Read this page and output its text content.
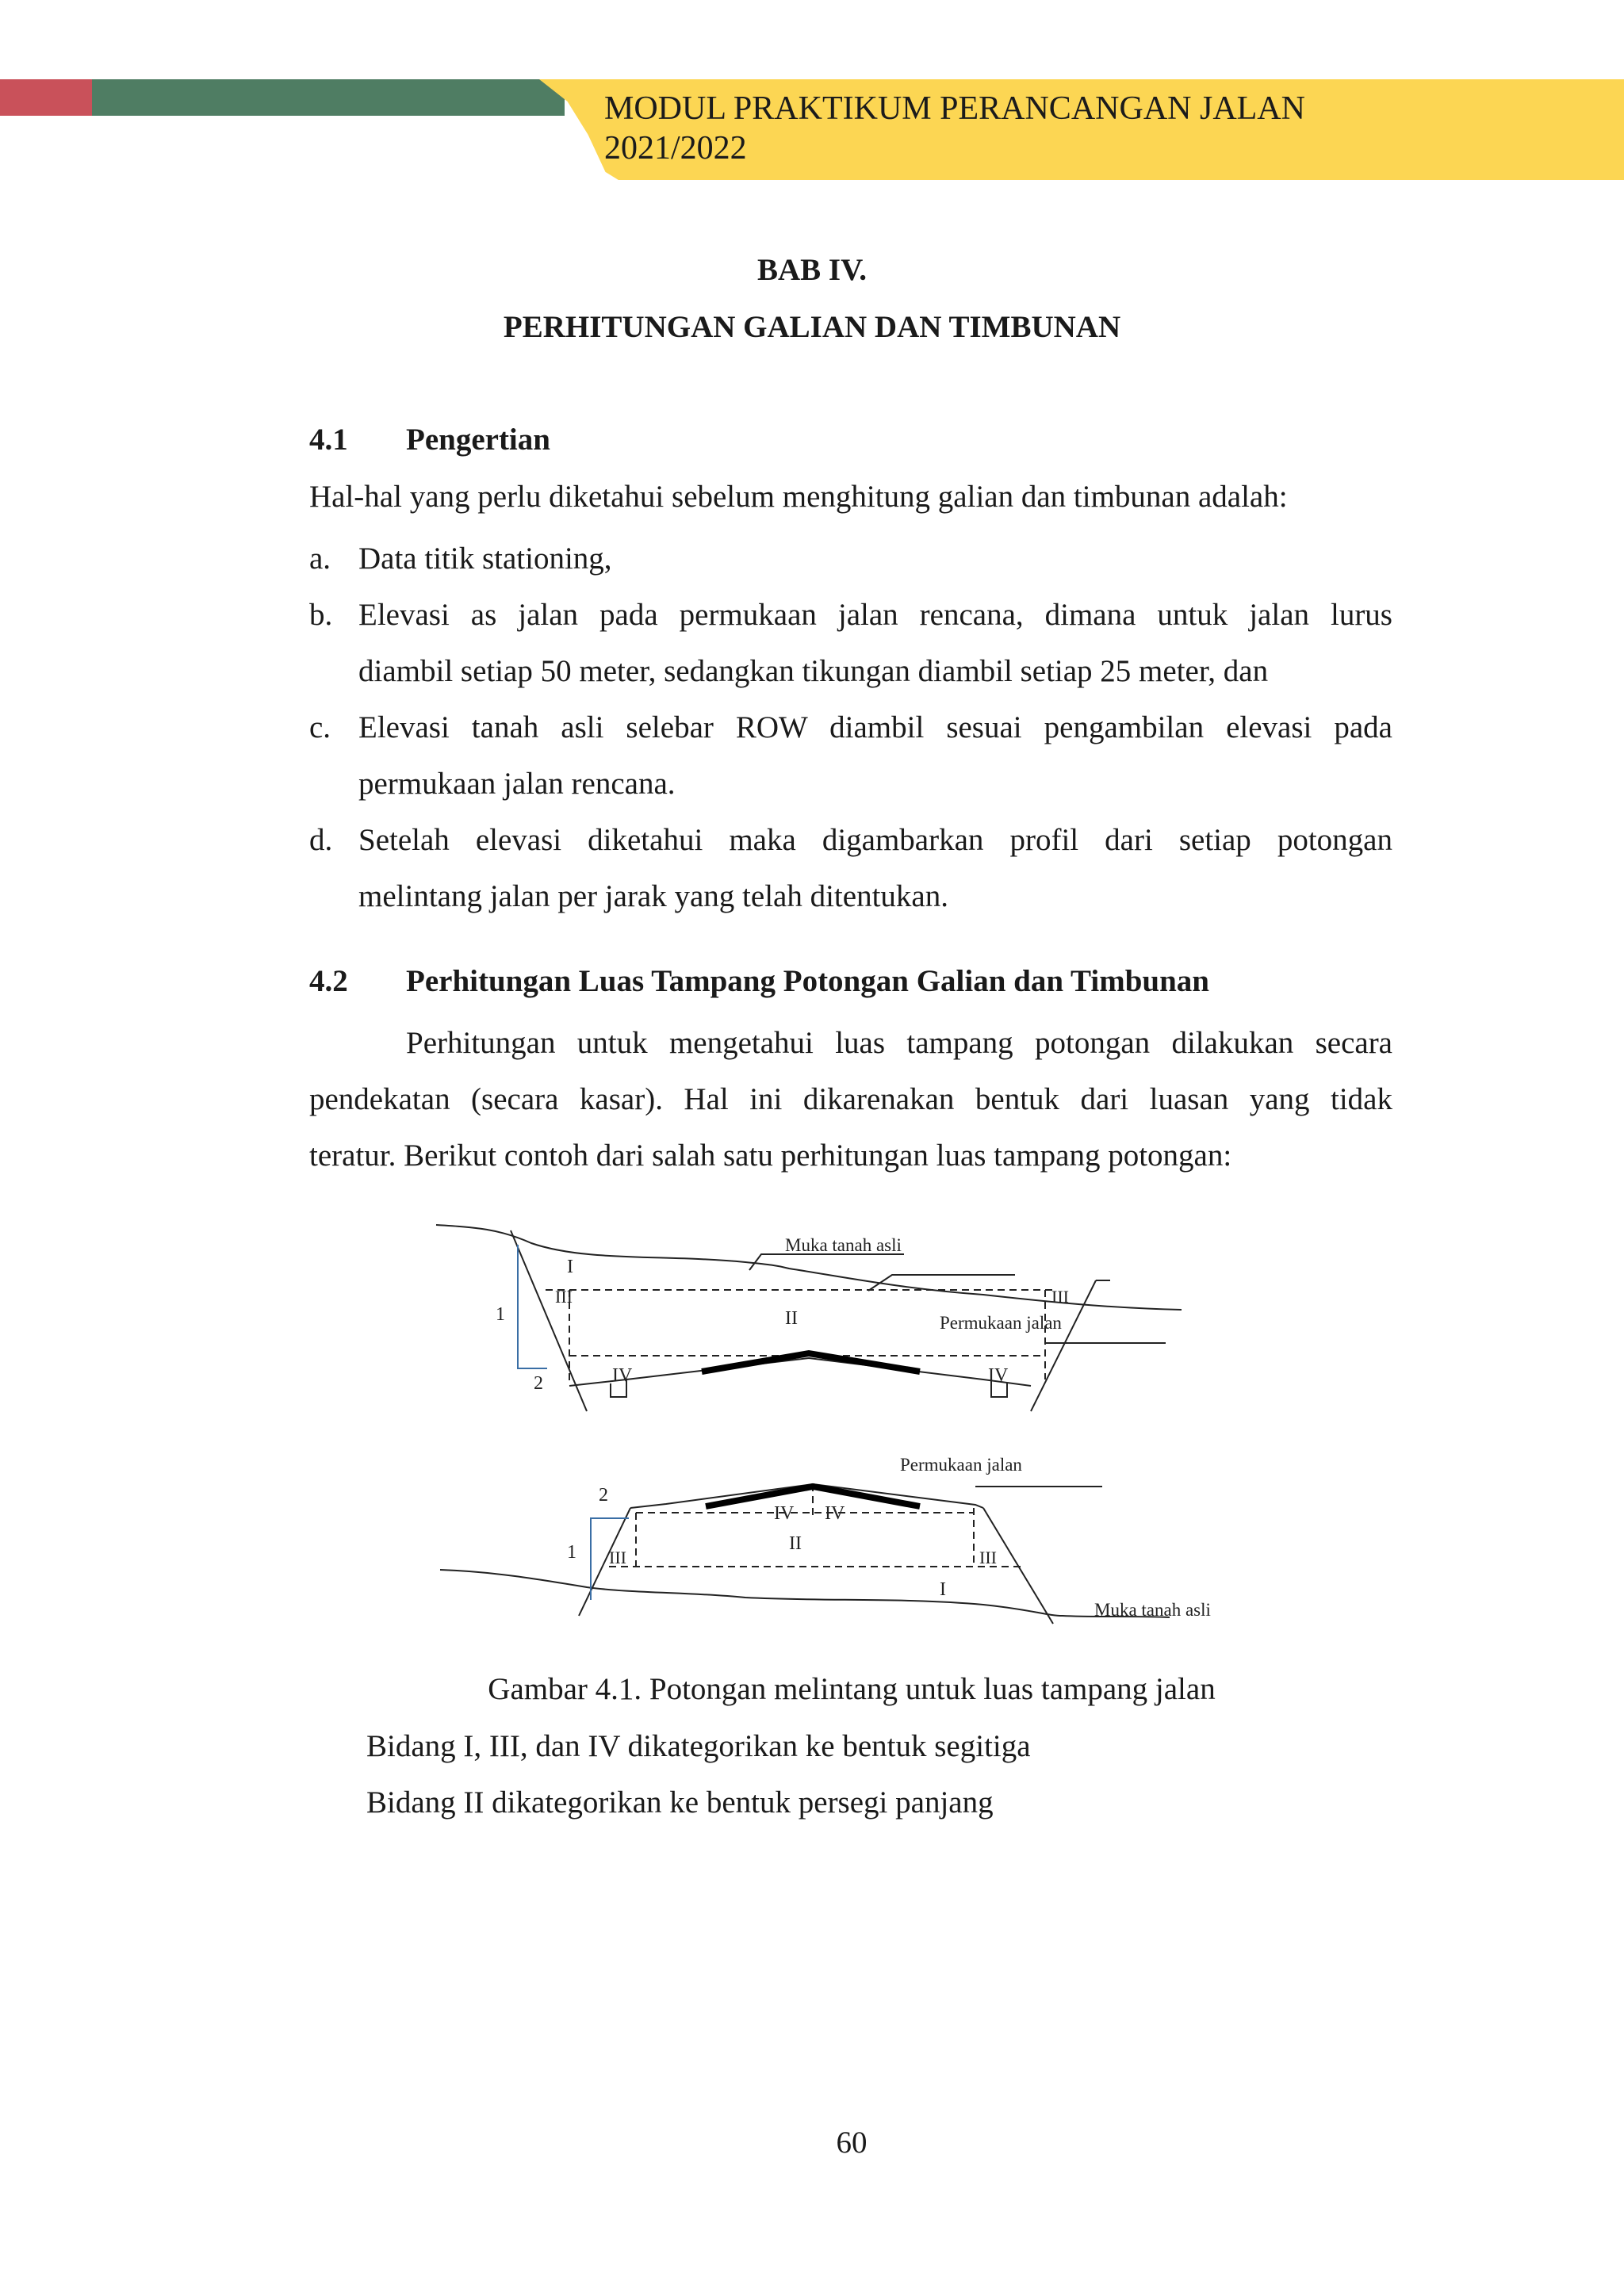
MODUL PRAKTIKUM PERANCANGAN JALAN
2021/2022
BAB IV.
PERHITUNGAN GALIAN DAN TIMBUNAN
4.1 Pengertian
Hal-hal yang perlu diketahui sebelum menghitung galian dan timbunan adalah:
a. Data titik stationing,
b. Elevasi as jalan pada permukaan jalan rencana, dimana untuk jalan lurus
diambil setiap 50 meter, sedangkan tikungan diambil setiap 25 meter, dan
c. Elevasi tanah asli selebar ROW diambil sesuai pengambilan elevasi pada
permukaan jalan rencana.
d. Setelah elevasi diketahui maka digambarkan profil dari setiap potongan
melintang jalan per jarak yang telah ditentukan.
4.2 Perhitungan Luas Tampang Potongan Galian dan Timbunan
Perhitungan untuk mengetahui luas tampang potongan dilakukan secara
pendekatan (secara kasar). Hal ini dikarenakan bentuk dari luasan yang tidak
teratur. Berikut contoh dari salah satu perhitungan luas tampang potongan:
I
III
II
III
IV	IV
1
2
Muka tanah asli
Permukaan jalan
2
1 III	III
IV IV
II
I
Permukaan jalan
Muka tanah asli
Gambar 4.1. Potongan melintang untuk luas tampang jalan
Bidang I, III, dan IV dikategorikan ke bentuk segitiga
Bidang II dikategorikan ke bentuk persegi panjang
60
